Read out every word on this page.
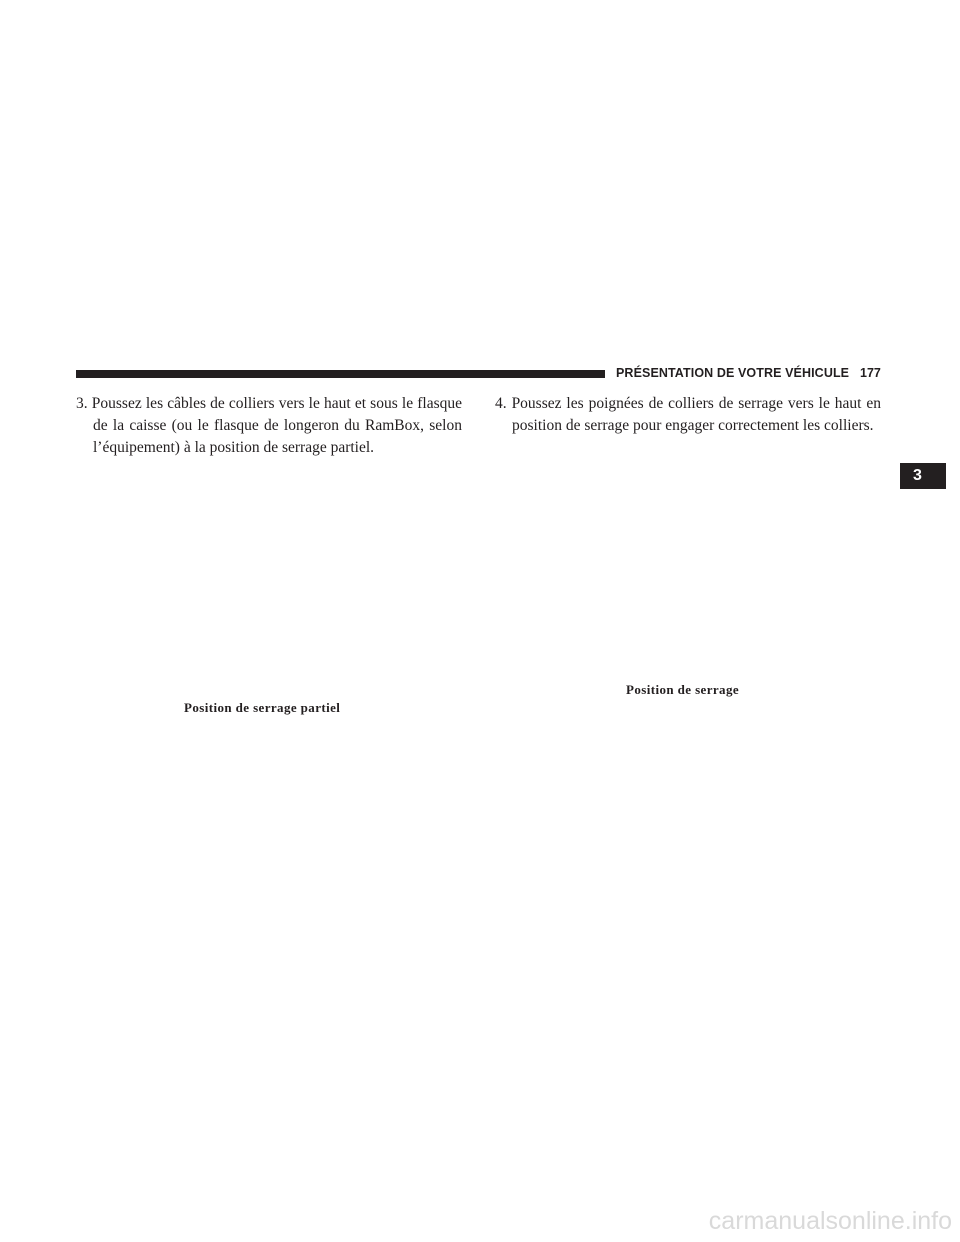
PRÉSENTATION DE VOTRE VÉHICULE 177
3. Poussez les câbles de colliers vers le haut et sous le flasque de la caisse (ou le flasque de longeron du RamBox, selon l’équipement) à la position de serrage partiel.
4. Poussez les poignées de colliers de serrage vers le haut en position de serrage pour engager correctement les colliers.
Position de serrage partiel
Position de serrage
3
carmanualsonline.info
